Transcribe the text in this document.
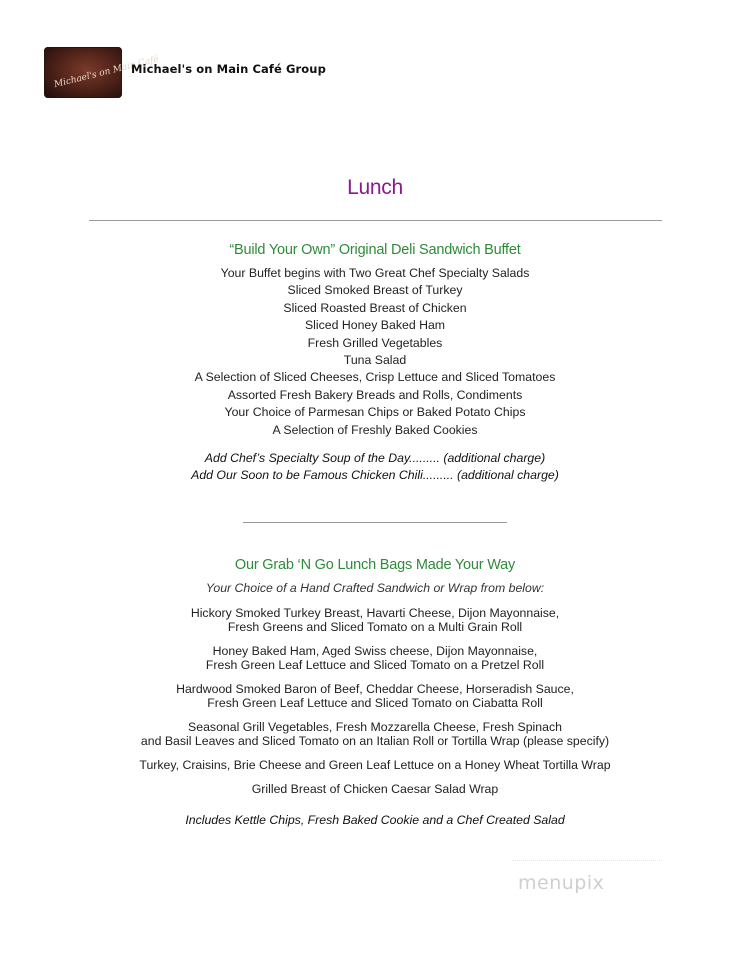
Michael's on Main Café
Michael's on Main Café Group
Lunch
“Build Your Own” Original Deli Sandwich Buffet
Your Buffet begins with Two Great Chef Specialty Salads
Sliced Smoked Breast of Turkey
Sliced Roasted Breast of Chicken
Sliced Honey Baked Ham
Fresh Grilled Vegetables
Tuna Salad
A Selection of Sliced Cheeses, Crisp Lettuce and Sliced Tomatoes
Assorted Fresh Bakery Breads and Rolls, Condiments
Your Choice of Parmesan Chips or Baked Potato Chips
A Selection of Freshly Baked Cookies
Add Chef’s Specialty Soup of the Day......... (additional charge)
Add Our Soon to be Famous Chicken Chili......... (additional charge)
Our Grab ‘N Go Lunch Bags Made Your Way
Your Choice of a Hand Crafted Sandwich or Wrap from below:
Hickory Smoked Turkey Breast, Havarti Cheese, Dijon Mayonnaise,
Fresh Greens and Sliced Tomato on a Multi Grain Roll
Honey Baked Ham, Aged Swiss cheese, Dijon Mayonnaise,
Fresh Green Leaf Lettuce and Sliced Tomato on a Pretzel Roll
Hardwood Smoked Baron of Beef, Cheddar Cheese, Horseradish Sauce,
Fresh Green Leaf Lettuce and Sliced Tomato on Ciabatta Roll
Seasonal Grill Vegetables, Fresh Mozzarella Cheese, Fresh Spinach
and Basil Leaves and Sliced Tomato on an Italian Roll or Tortilla Wrap (please specify)
Turkey, Craisins, Brie Cheese and Green Leaf Lettuce on a Honey Wheat Tortilla Wrap
Grilled Breast of Chicken Caesar Salad Wrap
Includes Kettle Chips, Fresh Baked Cookie and a Chef Created Salad
menupix
